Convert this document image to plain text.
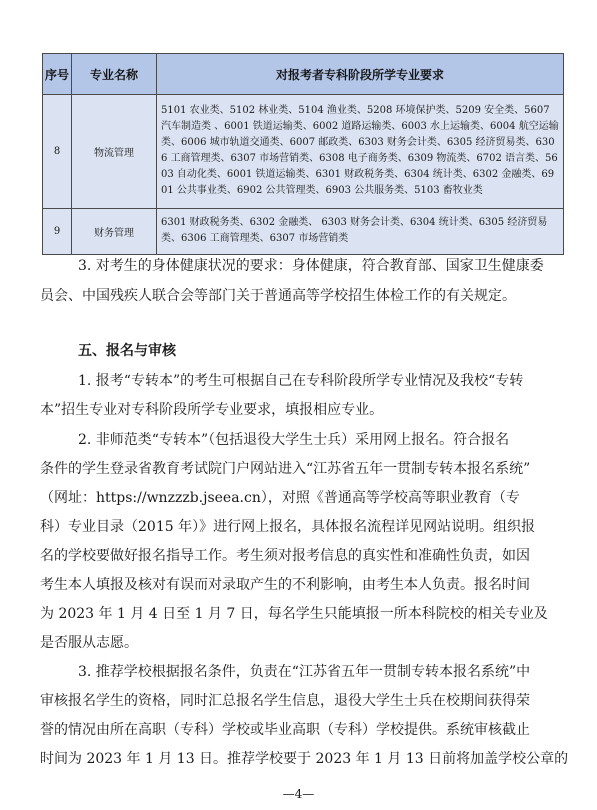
序号	专业名称	对报考者专科阶段所学专业要求
8	物流管理	5101 农业类、5102 林业类、5104 渔业类、5208 环境保护类、5209 安全类、5607 汽车制造类 、6001 铁道运输类、6002 道路运输类、6003 水上运输类、6004 航空运输类、6006 城市轨道交通类、6007 邮政类、6303 财务会计类、6305 经济贸易类、6306 工商管理类、6307 市场营销类、6308 电子商务类、6309 物流类、6702 语言类、5603 自动化类、6001 铁道运输类、6301 财政税务类、6304 统计类、6302 金融类、6901 公共事业类、6902 公共管理类、6903 公共服务类、5103 畜牧业类
9	财务管理	6301 财政税务类、6302 金融类、 6303 财务会计类、6304 统计类、6305 经济贸易类、6306 工商管理类、6307 市场营销类
3. 对考生的身体健康状况的要求：身体健康，符合教育部、国家卫生健康委
员会、中国残疾人联合会等部门关于普通高等学校招生体检工作的有关规定。
五、报名与审核
1. 报考“专转本”的考生可根据自己在专科阶段所学专业情况及我校“专转
本”招生专业对专科阶段所学专业要求，填报相应专业。
2. 非师范类“专转本”（包括退役大学生士兵）采用网上报名。符合报名
条件的学生登录省教育考试院门户网站进入“江苏省五年一贯制专转本报名系统”
（网址：https://wnzzzb.jseea.cn），对照《普通高等学校高等职业教育（专
科）专业目录（2015 年）》进行网上报名，具体报名流程详见网站说明。组织报
名的学校要做好报名指导工作。考生须对报考信息的真实性和准确性负责，如因
考生本人填报及核对有误而对录取产生的不利影响，由考生本人负责。报名时间
为 2023 年 1 月 4 日至 1 月 7 日，每名学生只能填报一所本科院校的相关专业及
是否服从志愿。
3. 推荐学校根据报名条件，负责在“江苏省五年一贯制专转本报名系统”中
审核报名学生的资格，同时汇总报名学生信息，退役大学生士兵在校期间获得荣
誉的情况由所在高职（专科）学校或毕业高职（专科）学校提供。系统审核截止
时间为 2023 年 1 月 13 日。推荐学校要于 2023 年 1 月 13 日前将加盖学校公章的
—4—
